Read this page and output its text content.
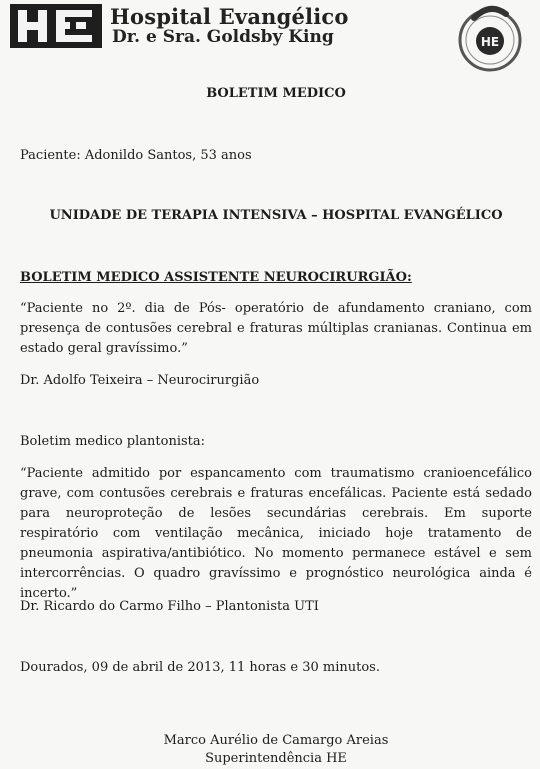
Hospital Evangélico
Dr. e Sra. Goldsby King	HE

BOLETIM MEDICO

Paciente: Adonildo Santos, 53 anos

UNIDADE DE TERAPIA INTENSIVA – HOSPITAL EVANGÉLICO

BOLETIM MEDICO ASSISTENTE NEUROCIRURGIÃO:

“Paciente no 2º. dia de Pós- operatório de afundamento craniano, com presença de contusões cerebral e fraturas múltiplas cranianas. Continua em estado geral gravíssimo.”

Dr. Adolfo Teixeira – Neurocirurgião

Boletim medico plantonista:

“Paciente admitido por espancamento com traumatismo cranioencefálico grave, com contusões cerebrais e fraturas encefálicas. Paciente está sedado para neuroproteção de lesões secundárias cerebrais. Em suporte respiratório com ventilação mecânica, iniciado hoje tratamento de pneumonia aspirativa/antibiótico. No momento permanece estável e sem intercorrências. O quadro gravíssimo e prognóstico neurológica ainda é incerto.”

Dr. Ricardo do Carmo Filho – Plantonista UTI

Dourados, 09 de abril de 2013, 11 horas e 30 minutos.

Marco Aurélio de Camargo Areias

Superintendência HE
